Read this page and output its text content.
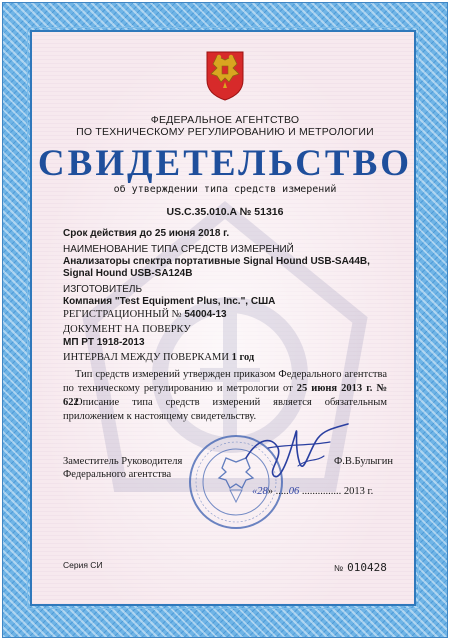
ФЕДЕРАЛЬНОЕ АГЕНТСТВО
ПО ТЕХНИЧЕСКОМУ РЕГУЛИРОВАНИЮ И МЕТРОЛОГИИ
СВИДЕТЕЛЬСТВО
об утверждении типа средств измерений
US.C.35.010.A № 51316
Срок действия до 25 июня 2018 г.
НАИМЕНОВАНИЕ ТИПА СРЕДСТВ ИЗМЕРЕНИЙ
Анализаторы спектра портативные Signal Hound USB-SA44B,
Signal Hound USB-SA124B
ИЗГОТОВИТЕЛЬ
Компания "Test Equipment Plus, Inc.", США
РЕГИСТРАЦИОННЫЙ № 54004-13
ДОКУМЕНТ НА ПОВЕРКУ
МП РТ 1918-2013
ИНТЕРВАЛ МЕЖДУ ПОВЕРКАМИ 1 год
Тип средств измерений утвержден приказом Федерального агентства по техническому регулированию и метрологии от 25 июня 2013 г. № 622
Описание типа средств измерений является обязательным приложением к настоящему свидетельству.
Заместитель Руководителя
Федерального агентства
Ф.В.Булыгин
«28» .....06 ............... 2013 г.
Серия СИ	№ 010428
